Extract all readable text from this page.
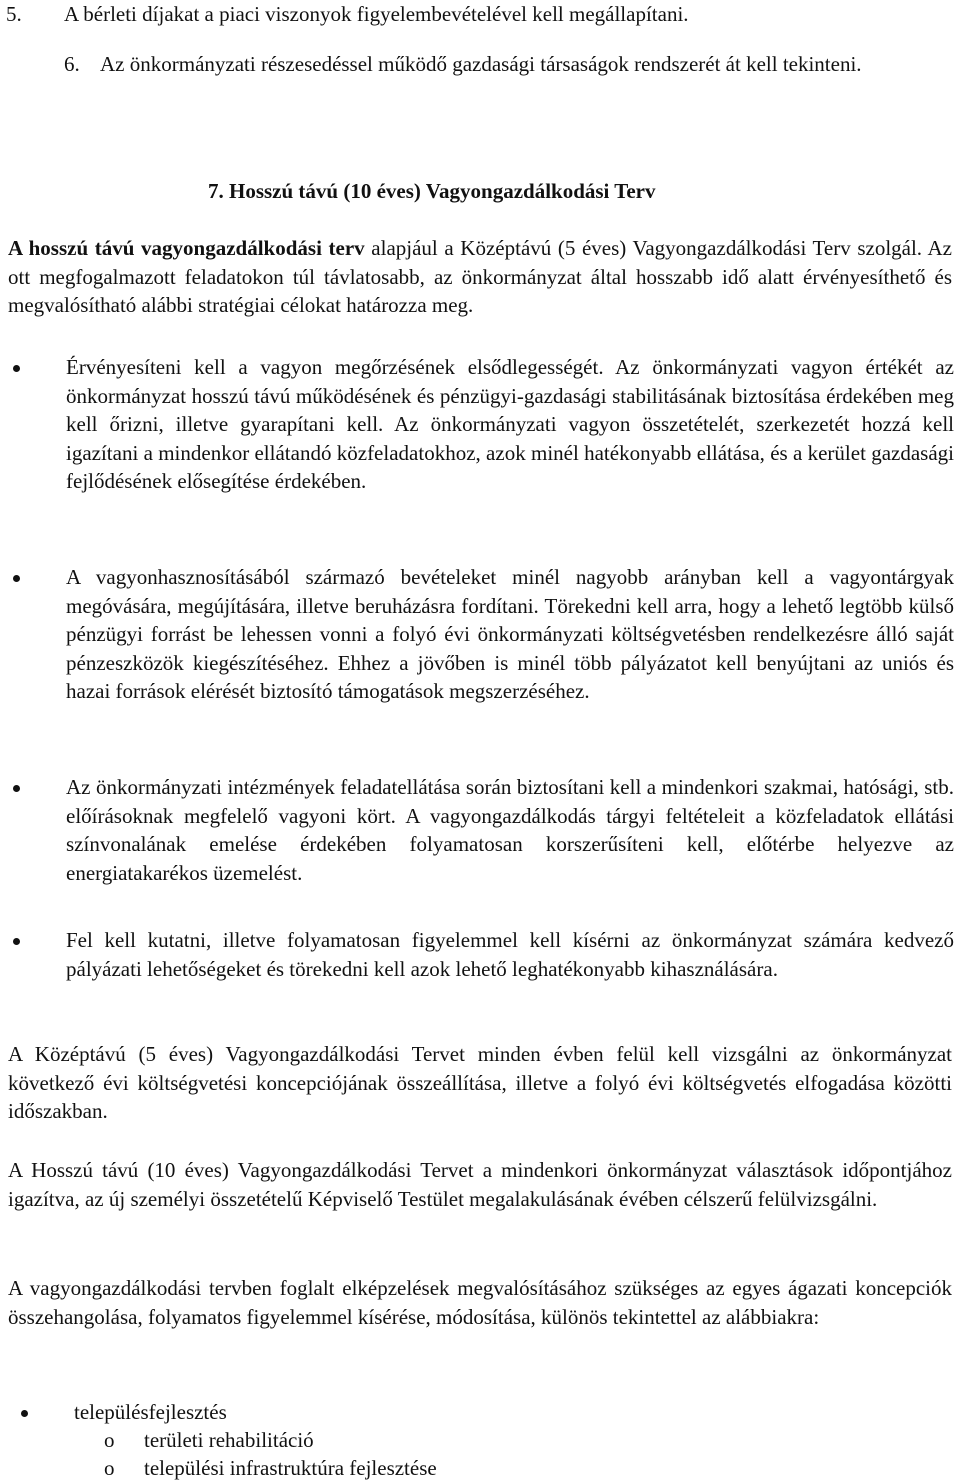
5.	A bérleti díjakat a piaci viszonyok figyelembevételével kell megállapítani.

6. Az önkormányzati részesedéssel működő gazdasági társaságok rendszerét át kell tekinteni.

7. Hosszú távú (10 éves) Vagyongazdálkodási Terv

A hosszú távú vagyongazdálkodási terv alapjául a Középtávú (5 éves) Vagyongazdálkodási Terv szolgál. Az ott megfogalmazott feladatokon túl távlatosabb, az önkormányzat által hosszabb idő alatt érvényesíthető és megvalósítható alábbi stratégiai célokat határozza meg.

Érvényesíteni kell a vagyon megőrzésének elsődlegességét. Az önkormányzati vagyon értékét az önkormányzat hosszú távú működésének és pénzügyi-gazdasági stabilitásának biztosítása érdekében meg kell őrizni, illetve gyarapítani kell. Az önkormányzati vagyon összetételét, szerkezetét hozzá kell igazítani a mindenkor ellátandó közfeladatokhoz, azok minél hatékonyabb ellátása, és a kerület gazdasági fejlődésének elősegítése érdekében.

A vagyonhasznosításából származó bevételeket minél nagyobb arányban kell a vagyontárgyak megóvására, megújítására, illetve beruházásra fordítani. Törekedni kell arra, hogy a lehető legtöbb külső pénzügyi forrást be lehessen vonni a folyó évi önkormányzati költségvetésben rendelkezésre álló saját pénzeszközök kiegészítéséhez. Ehhez a jövőben is minél több pályázatot kell benyújtani az uniós és hazai források elérését biztosító támogatások megszerzéséhez.

Az önkormányzati intézmények feladatellátása során biztosítani kell a mindenkori szakmai, hatósági, stb. előírásoknak megfelelő vagyoni kört. A vagyongazdálkodás tárgyi feltételeit a közfeladatok ellátási színvonalának emelése érdekében folyamatosan korszerűsíteni kell, előtérbe helyezve az energiatakarékos üzemelést.

Fel kell kutatni, illetve folyamatosan figyelemmel kell kísérni az önkormányzat számára kedvező pályázati lehetőségeket és törekedni kell azok lehető leghatékonyabb kihasználására.

A Középtávú (5 éves) Vagyongazdálkodási Tervet minden évben felül kell vizsgálni az önkormányzat következő évi költségvetési koncepciójának összeállítása, illetve a folyó évi költségvetés elfogadása közötti időszakban.

A Hosszú távú (10 éves) Vagyongazdálkodási Tervet a mindenkori önkormányzat választások időpontjához igazítva, az új személyi összetételű Képviselő Testület megalakulásának évében célszerű felülvizsgálni.

A vagyongazdálkodási tervben foglalt elképzelések megvalósításához szükséges az egyes ágazati koncepciók összehangolása, folyamatos figyelemmel kísérése, módosítása, különös tekintettel az alábbiakra:

településfejlesztés
o területi rehabilitáció
o települési infrastruktúra fejlesztése
